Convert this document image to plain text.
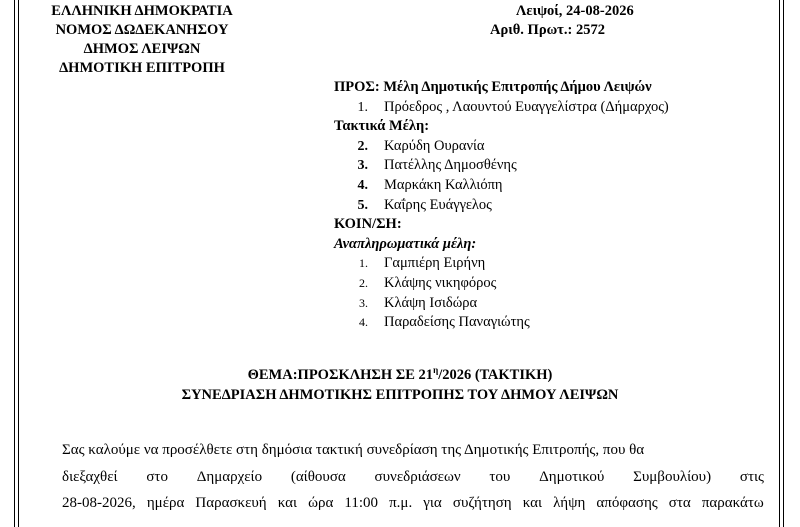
ΕΛΛΗΝΙΚΗ ΔΗΜΟΚΡΑΤΙΑ
ΝΟΜΟΣ ΔΩΔΕΚΑΝΗΣΟΥ
ΔΗΜΟΣ ΛΕΙΨΩΝ
ΔΗΜΟΤΙΚΗ ΕΠΙΤΡΟΠΗ
Λειψοί, 24-08-2026
Αριθ. Πρωτ.: 2572
ΠΡΟΣ: Μέλη Δημοτικής Επιτροπής Δήμου Λειψών
1. Πρόεδρος , Λαουντού Ευαγγελίστρα (Δήμαρχος)
Τακτικά Μέλη:
2. Καρύδη Ουρανία
3. Πατέλλης Δημοσθένης
4. Μαρκάκη Καλλιόπη
5. Καΐρης Ευάγγελος
ΚΟΙΝ/ΣΗ:
Αναπληρωματικά μέλη:
1. Γαμπιέρη Ειρήνη
2. Κλάψης νικηφόρος
3. Κλάψη Ισιδώρα
4. Παραδείσης Παναγιώτης
ΘΕΜΑ:ΠΡΟΣΚΛΗΣΗ ΣΕ $21^\eta/2026$ (ΤΑΚΤΙΚΗ)
ΣΥΝΕΔΡΙΑΣΗ ΔΗΜΟΤΙΚΗΣ ΕΠΙΤΡΟΠΗΣ ΤΟΥ ΔΗΜΟΥ ΛΕΙΨΩΝ
Σας καλούμε να προσέλθετε στη δημόσια τακτική συνεδρίαση της Δημοτικής Επιτροπής, που θα
διεξαχθεί στο Δημαρχείο (αίθουσα συνεδριάσεων του Δημοτικού Συμβουλίου) στις
28-08-2026, ημέρα Παρασκευή και ώρα 11:00 π.μ. για συζήτηση και λήψη απόφασης στα παρακάτω
